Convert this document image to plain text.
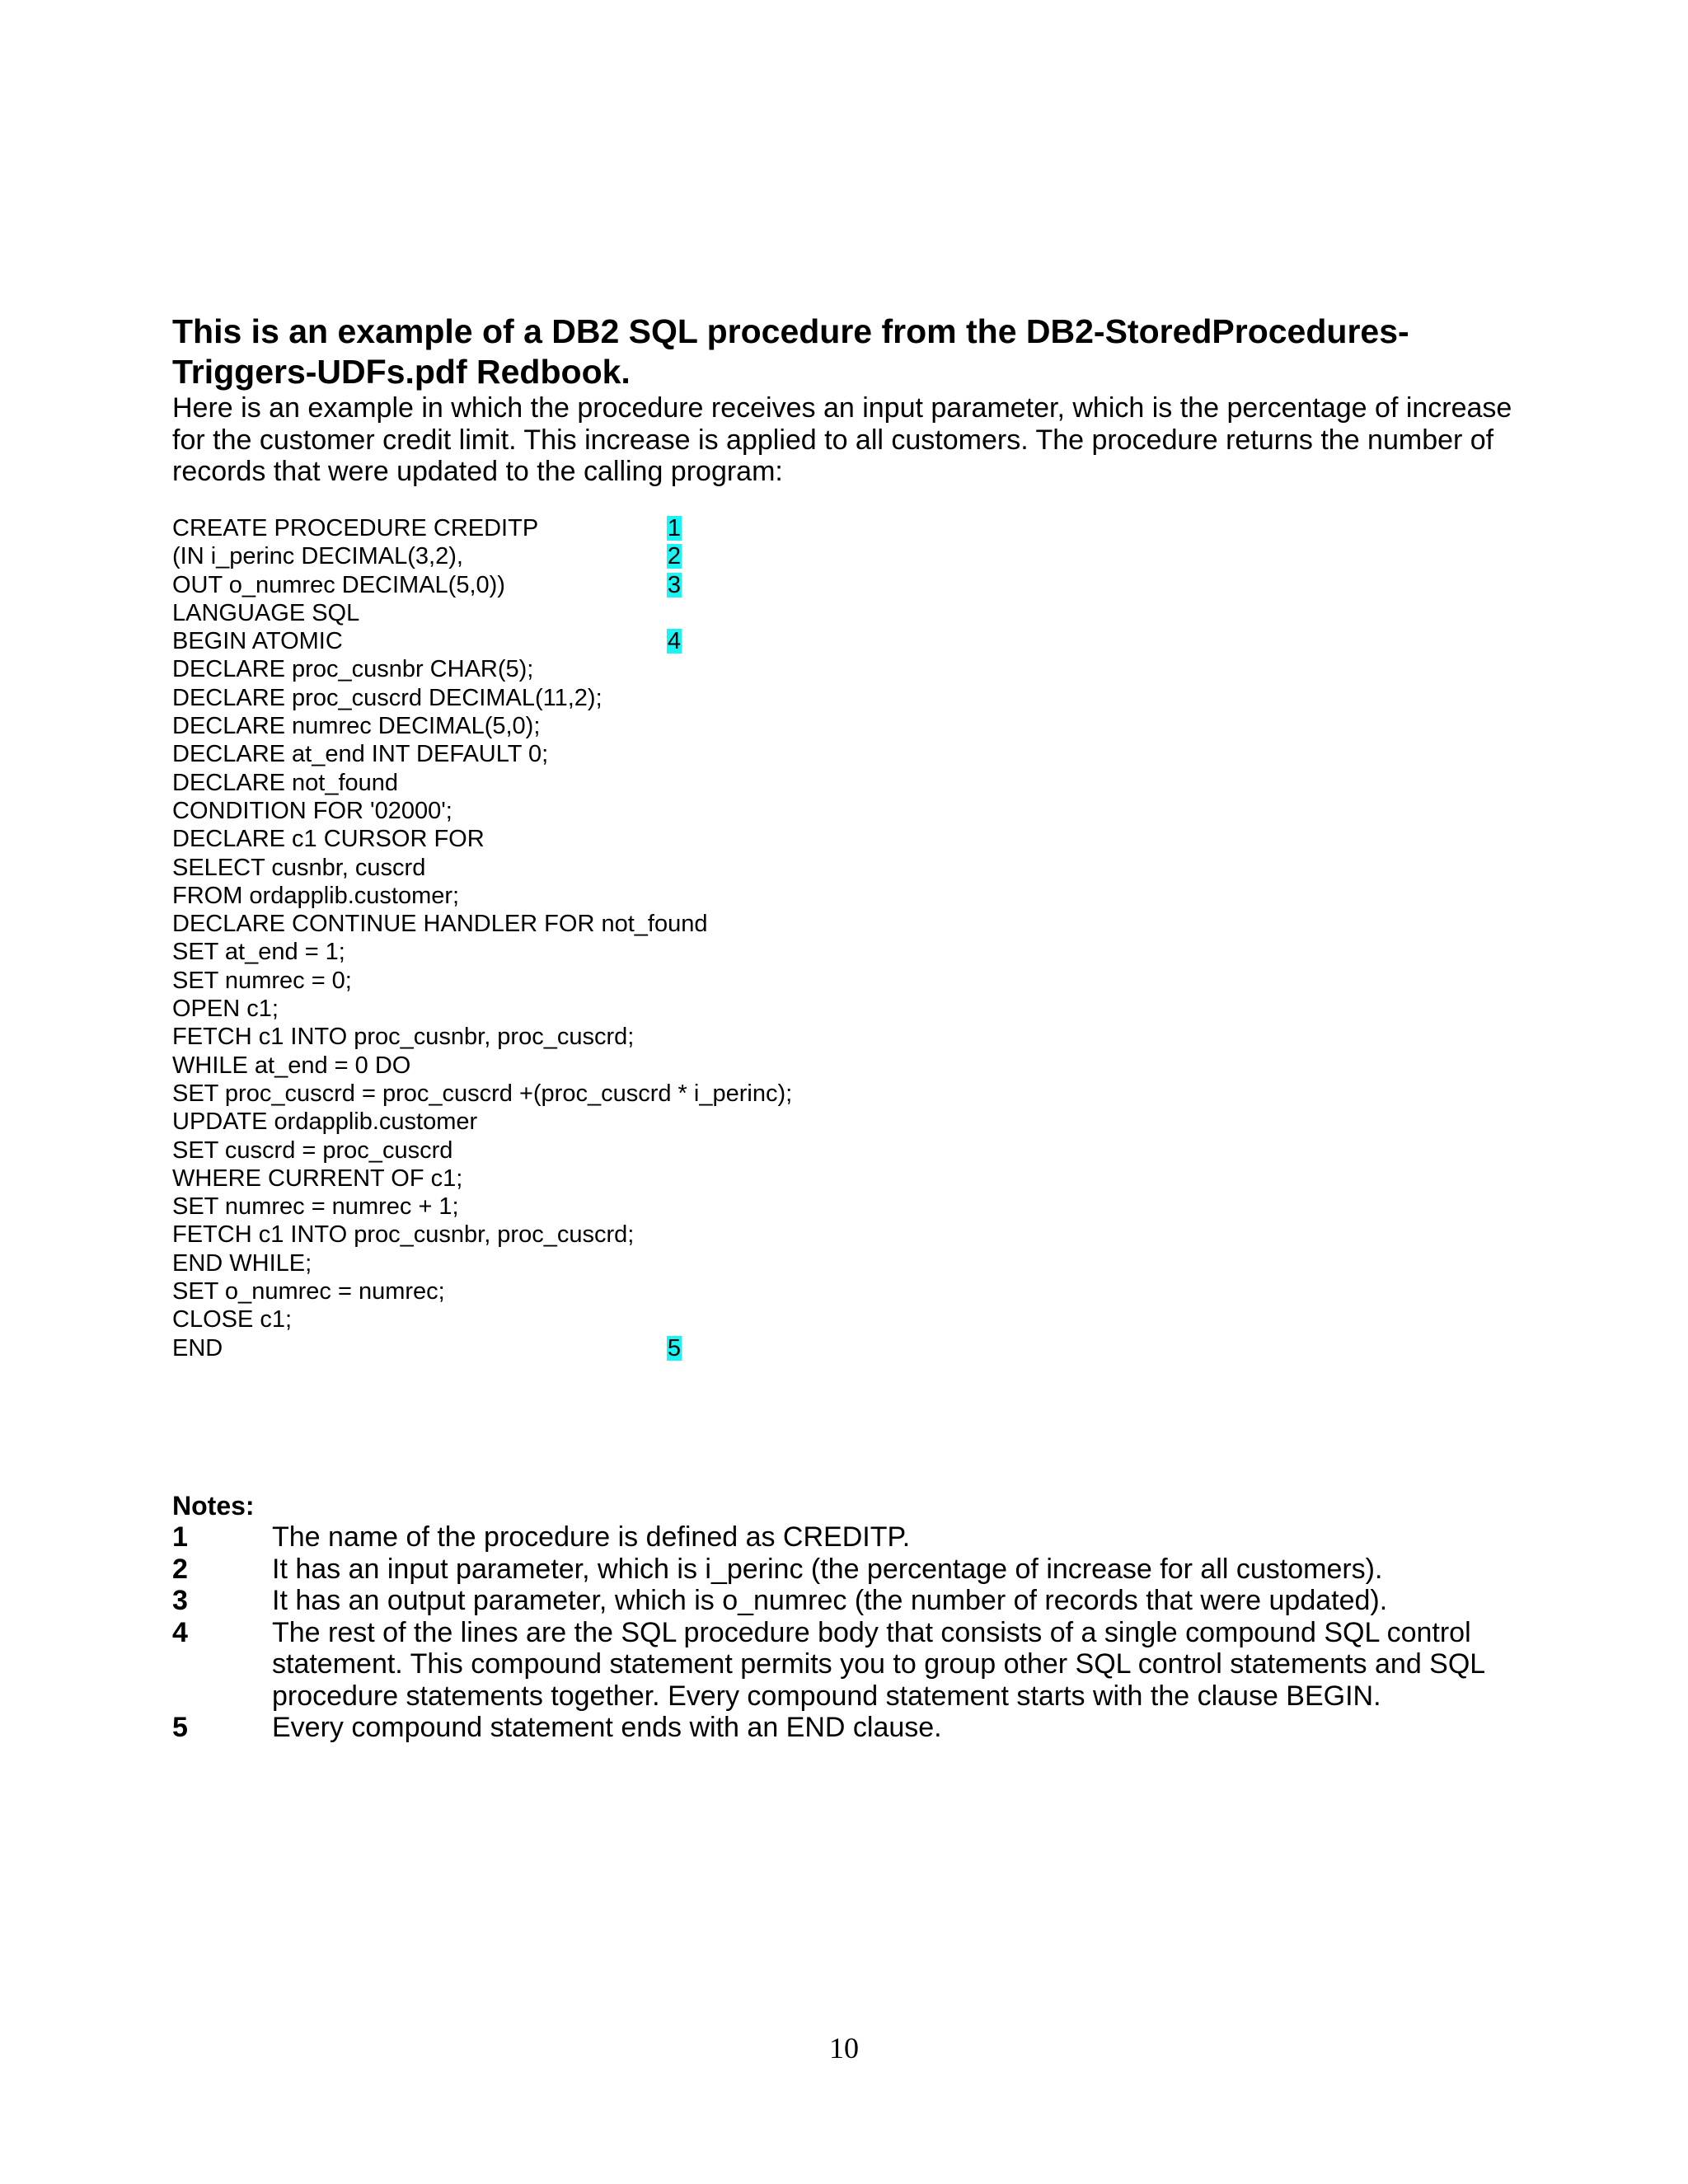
This is an example of a DB2 SQL procedure from the DB2-StoredProcedures-Triggers-UDFs.pdf Redbook.

Here is an example in which the procedure receives an input parameter, which is the percentage of increase for the customer credit limit. This increase is applied to all customers. The procedure returns the number of records that were updated to the calling program:

CREATE PROCEDURE CREDITP	1
(IN i_perinc DECIMAL(3,2),	2
OUT o_numrec DECIMAL(5,0))	3
LANGUAGE SQL
BEGIN ATOMIC	4
DECLARE proc_cusnbr CHAR(5);
DECLARE proc_cuscrd DECIMAL(11,2);
DECLARE numrec DECIMAL(5,0);
DECLARE at_end INT DEFAULT 0;
DECLARE not_found
CONDITION FOR '02000';
DECLARE c1 CURSOR FOR
SELECT cusnbr, cuscrd
FROM ordapplib.customer;
DECLARE CONTINUE HANDLER FOR not_found
SET at_end = 1;
SET numrec = 0;
OPEN c1;
FETCH c1 INTO proc_cusnbr, proc_cuscrd;
WHILE at_end = 0 DO
SET proc_cuscrd = proc_cuscrd +(proc_cuscrd * i_perinc);
UPDATE ordapplib.customer
SET cuscrd = proc_cuscrd
WHERE CURRENT OF c1;
SET numrec = numrec + 1;
FETCH c1 INTO proc_cusnbr, proc_cuscrd;
END WHILE;
SET o_numrec = numrec;
CLOSE c1;
END	5
Notes:
1	The name of the procedure is defined as CREDITP.
2	It has an input parameter, which is i_perinc (the percentage of increase for all customers).
3	It has an output parameter, which is o_numrec (the number of records that were updated).
4	The rest of the lines are the SQL procedure body that consists of a single compound SQL control statement. This compound statement permits you to group other SQL control statements and SQL procedure statements together. Every compound statement starts with the clause BEGIN.
5	Every compound statement ends with an END clause.
10
